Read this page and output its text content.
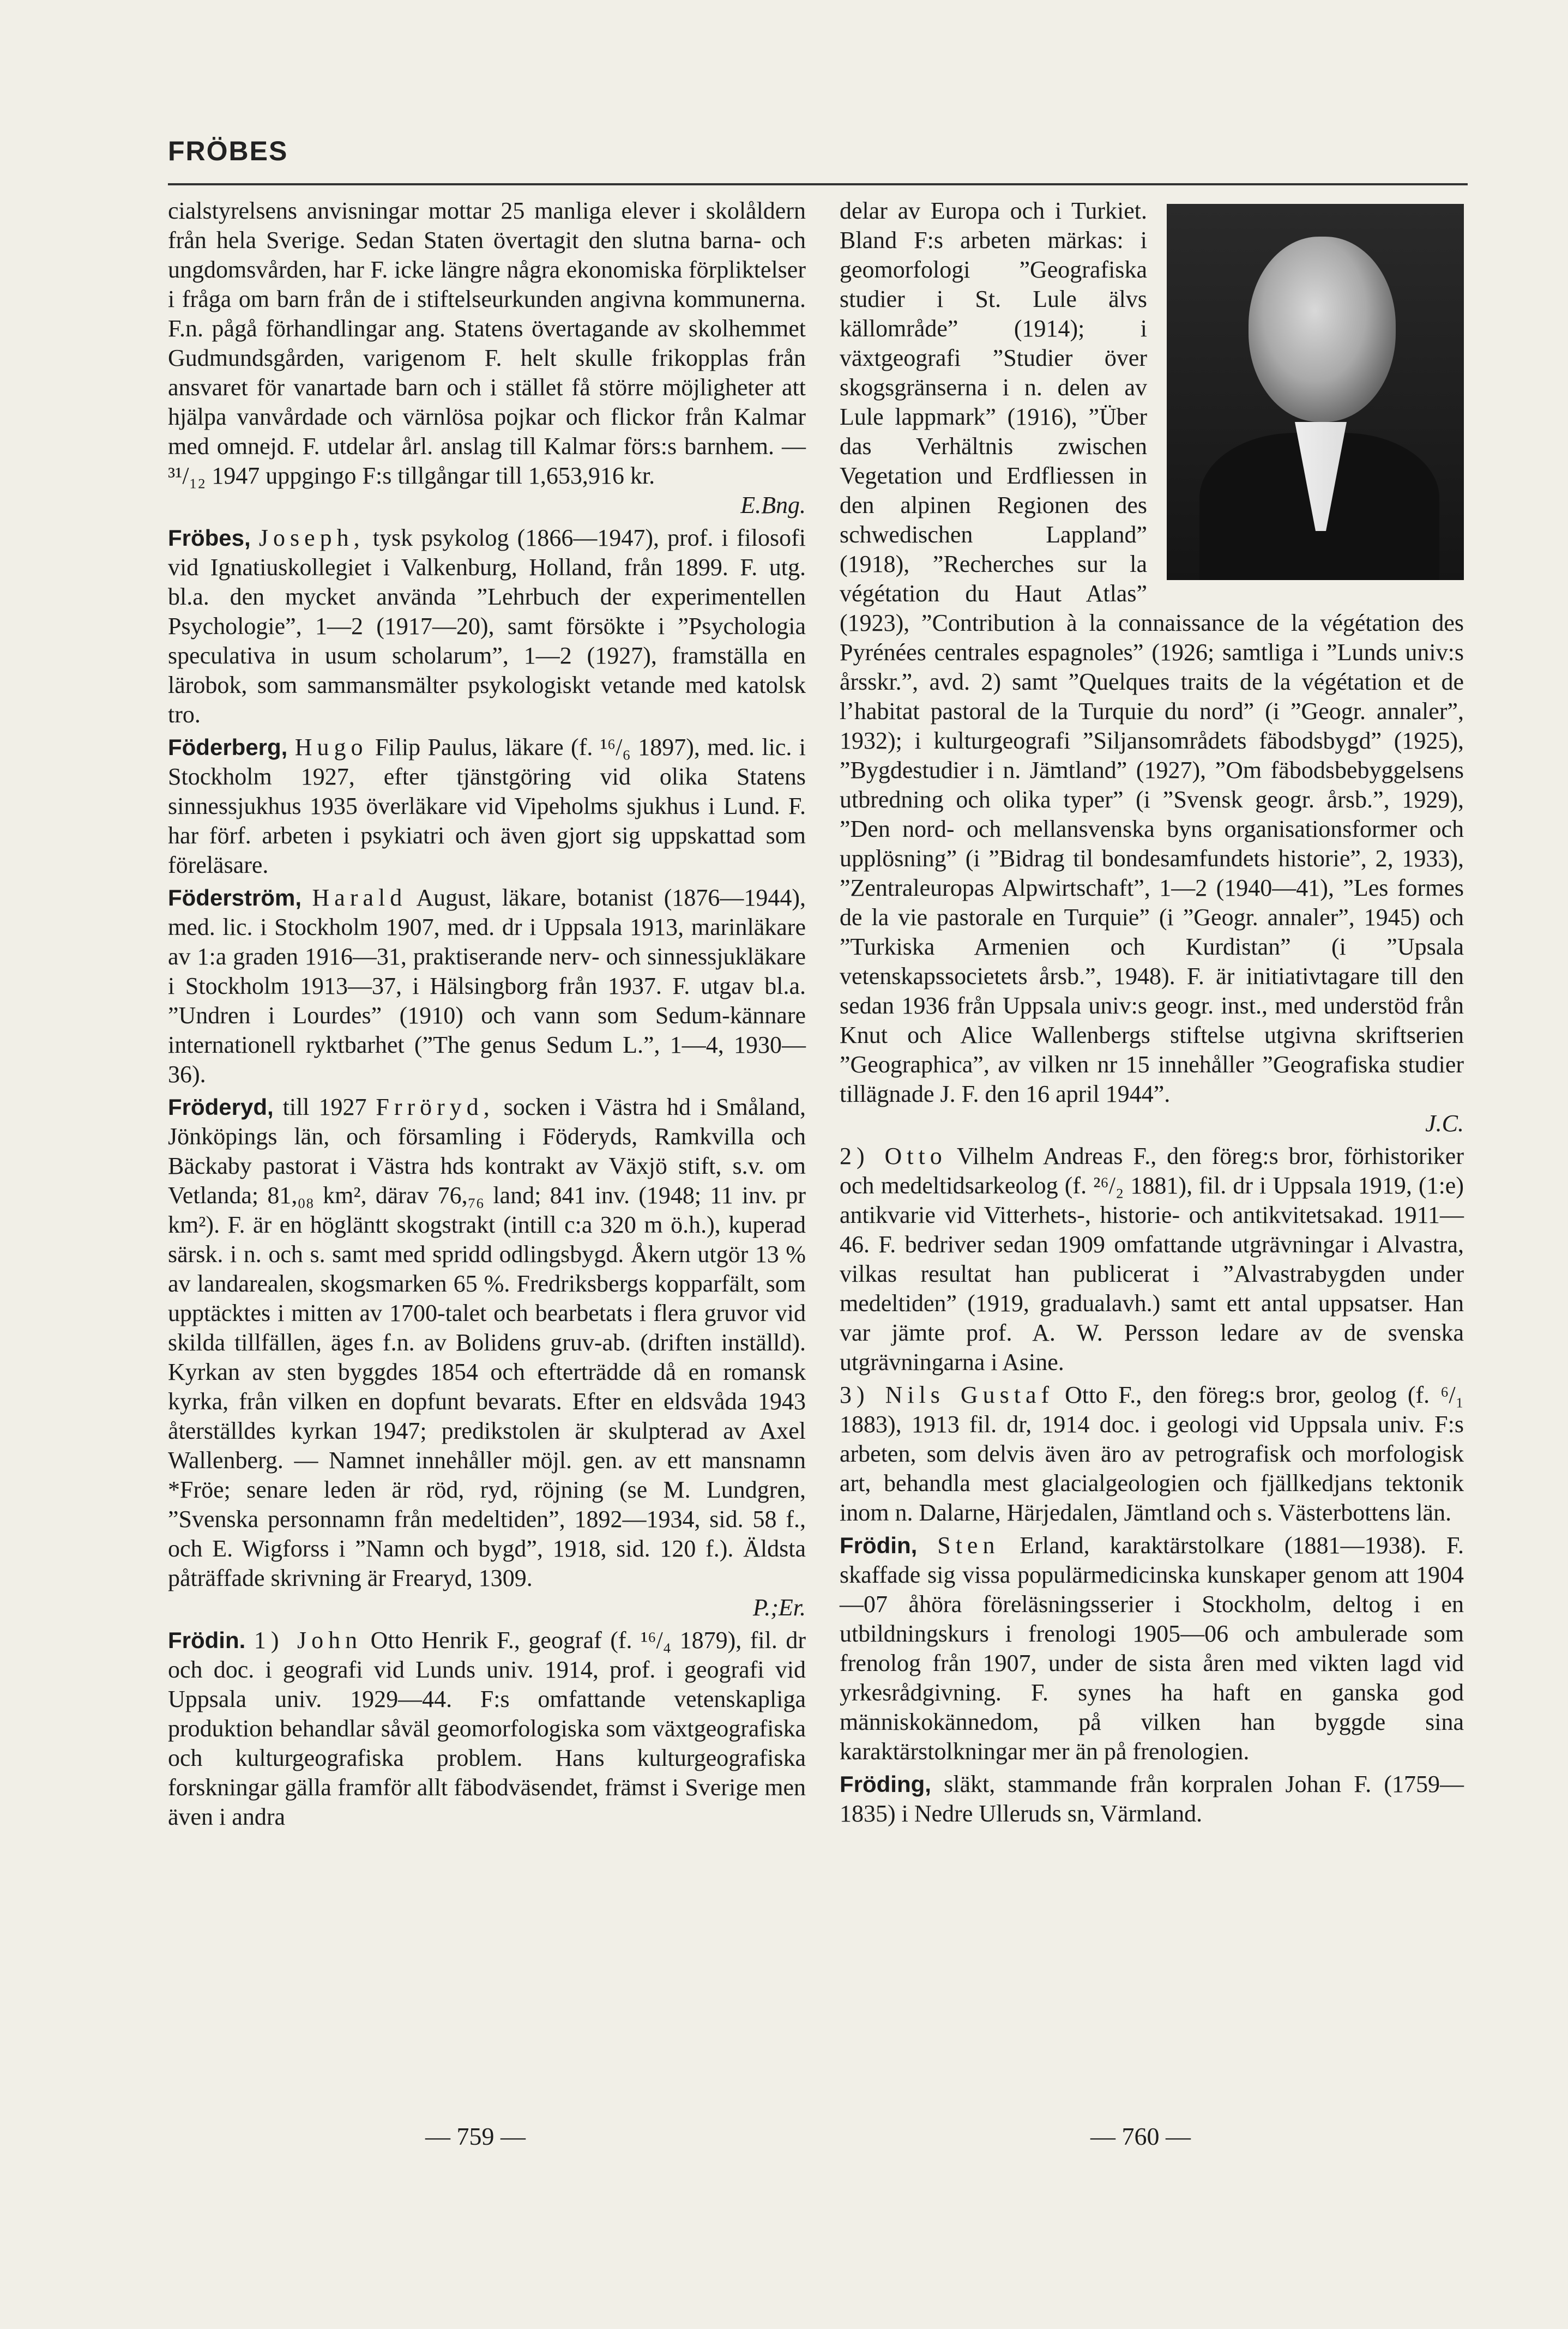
FRÖBES

cialstyrelsens anvisningar mottar 25 manliga elever i skolåldern från hela Sverige. Sedan Staten övertagit den slutna barna- och ungdomsvården, har F. icke längre några ekonomiska förpliktelser i fråga om barn från de i stiftelseurkunden angivna kommunerna. F.n. pågå förhandlingar ang. Statens övertagande av skolhemmet Gudmundsgården, varigenom F. helt skulle frikopplas från ansvaret för vanartade barn och i stället få större möjligheter att hjälpa vanvårdade och värnlösa pojkar och flickor från Kalmar med omnejd. F. utdelar årl. anslag till Kalmar förs:s barnhem. — ³¹/₁₂ 1947 uppgingo F:s tillgångar till 1,653,916 kr.
E.Bng.

Fröbes, Joseph, tysk psykolog (1866—1947), prof. i filosofi vid Ignatiuskollegiet i Valkenburg, Holland, från 1899. F. utg. bl.a. den mycket använda ”Lehrbuch der experimentellen Psychologie”, 1—2 (1917—20), samt försökte i ”Psychologia speculativa in usum scholarum”, 1—2 (1927), framställa en lärobok, som sammansmälter psykologiskt vetande med katolsk tro.

Föderberg, Hugo Filip Paulus, läkare (f. ¹⁶/₆ 1897), med. lic. i Stockholm 1927, efter tjänstgöring vid olika Statens sinnessjukhus 1935 överläkare vid Vipeholms sjukhus i Lund. F. har förf. arbeten i psykiatri och även gjort sig uppskattad som föreläsare.

Föderström, Harald August, läkare, botanist (1876—1944), med. lic. i Stockholm 1907, med. dr i Uppsala 1913, marinläkare av 1:a graden 1916—31, praktiserande nerv- och sinnessjukläkare i Stockholm 1913—37, i Hälsingborg från 1937. F. utgav bl.a. ”Undren i Lourdes” (1910) och vann som Sedum-kännare internationell ryktbarhet (”The genus Sedum L.”, 1—4, 1930—36).

Fröderyd, till 1927 Frröryd, socken i Västra hd i Småland, Jönköpings län, och församling i Föderyds, Ramkvilla och Bäckaby pastorat i Västra hds kontrakt av Växjö stift, s.v. om Vetlanda; 81,₀₈ km², därav 76,₇₆ land; 841 inv. (1948; 11 inv. pr km²). F. är en högläntt skogstrakt (intill c:a 320 m ö.h.), kuperad särsk. i n. och s. samt med spridd odlingsbygd. Åkern utgör 13 % av landarealen, skogsmarken 65 %. Fredriksbergs kopparfält, som upptäcktes i mitten av 1700-talet och bearbetats i flera gruvor vid skilda tillfällen, äges f.n. av Bolidens gruv-ab. (driften inställd). Kyrkan av sten byggdes 1854 och efterträdde då en romansk kyrka, från vilken en dopfunt bevarats. Efter en eldsvåda 1943 återställdes kyrkan 1947; predikstolen är skulpterad av Axel Wallenberg. — Namnet innehåller möjl. gen. av ett mansnamn *Fröe; senare leden är röd, ryd, röjning (se M. Lundgren, ”Svenska personnamn från medeltiden”, 1892—1934, sid. 58 f., och E. Wigforss i ”Namn och bygd”, 1918, sid. 120 f.). Äldsta påträffade skrivning är Frearyd, 1309.
P.;Er.

Frödin. 1) John Otto Henrik F., geograf (f. ¹⁶/₄ 1879), fil. dr och doc. i geografi vid Lunds univ. 1914, prof. i geografi vid Uppsala univ. 1929—44. F:s omfattande vetenskapliga produktion behandlar såväl geomorfologiska som växtgeografiska och kulturgeografiska problem. Hans kulturgeografiska forskningar gälla framför allt fäbodväsendet, främst i Sverige men även i andra

delar av Europa och i Turkiet. Bland F:s arbeten märkas: i geomorfologi ”Geografiska studier i St. Lule älvs källområde” (1914); i växtgeografi ”Studier över skogsgränserna i n. delen av Lule lappmark” (1916), ”Über das Verhältnis zwischen Vegetation und Erdfliessen in den alpinen Regionen des schwedischen Lappland” (1918), ”Recherches sur la végétation du Haut Atlas” (1923), ”Contribution à la connaissance de la végétation des Pyrénées centrales espagnoles” (1926; samtliga i ”Lunds univ:s årsskr.”, avd. 2) samt ”Quelques traits de la végétation et de l’habitat pastoral de la Turquie du nord” (i ”Geogr. annaler”, 1932); i kulturgeografi ”Siljansområdets fäbodsbygd” (1925), ”Bygdestudier i n. Jämtland” (1927), ”Om fäbodsbebyggelsens utbredning och olika typer” (i ”Svensk geogr. årsb.”, 1929), ”Den nord- och mellansvenska byns organisationsformer och upplösning” (i ”Bidrag til bondesamfundets historie”, 2, 1933), ”Zentraleuropas Alpwirtschaft”, 1—2 (1940—41), ”Les formes de la vie pastorale en Turquie” (i ”Geogr. annaler”, 1945) och ”Turkiska Armenien och Kurdistan” (i ”Upsala vetenskapssocietets årsb.”, 1948). F. är initiativtagare till den sedan 1936 från Uppsala univ:s geogr. inst., med understöd från Knut och Alice Wallenbergs stiftelse utgivna skriftserien ”Geographica”, av vilken nr 15 innehåller ”Geografiska studier tillägnade J. F. den 16 april 1944”.
J.C.

2) Otto Vilhelm Andreas F., den föreg:s bror, förhistoriker och medeltidsarkeolog (f. ²⁶/₂ 1881), fil. dr i Uppsala 1919, (1:e) antikvarie vid Vitterhets-, historie- och antikvitetsakad. 1911—46. F. bedriver sedan 1909 omfattande utgrävningar i Alvastra, vilkas resultat han publicerat i ”Alvastrabygden under medeltiden” (1919, gradualavh.) samt ett antal uppsatser. Han var jämte prof. A. W. Persson ledare av de svenska utgrävningarna i Asine.

3) Nils Gustaf Otto F., den föreg:s bror, geolog (f. ⁶/₁ 1883), 1913 fil. dr, 1914 doc. i geologi vid Uppsala univ. F:s arbeten, som delvis även äro av petrografisk och morfologisk art, behandla mest glacialgeologien och fjällkedjans tektonik inom n. Dalarne, Härjedalen, Jämtland och s. Västerbottens län.

Frödin, Sten Erland, karaktärstolkare (1881—1938). F. skaffade sig vissa populärmedicinska kunskaper genom att 1904—07 åhöra föreläsningsserier i Stockholm, deltog i en utbildningskurs i frenologi 1905—06 och ambulerade som frenolog från 1907, under de sista åren med vikten lagd vid yrkesrådgivning. F. synes ha haft en ganska god människokännedom, på vilken han byggde sina karaktärstolkningar mer än på frenologien.

Fröding, släkt, stammande från korpralen Johan F. (1759—1835) i Nedre Ulleruds sn, Värmland.

— 759 —	— 760 —
